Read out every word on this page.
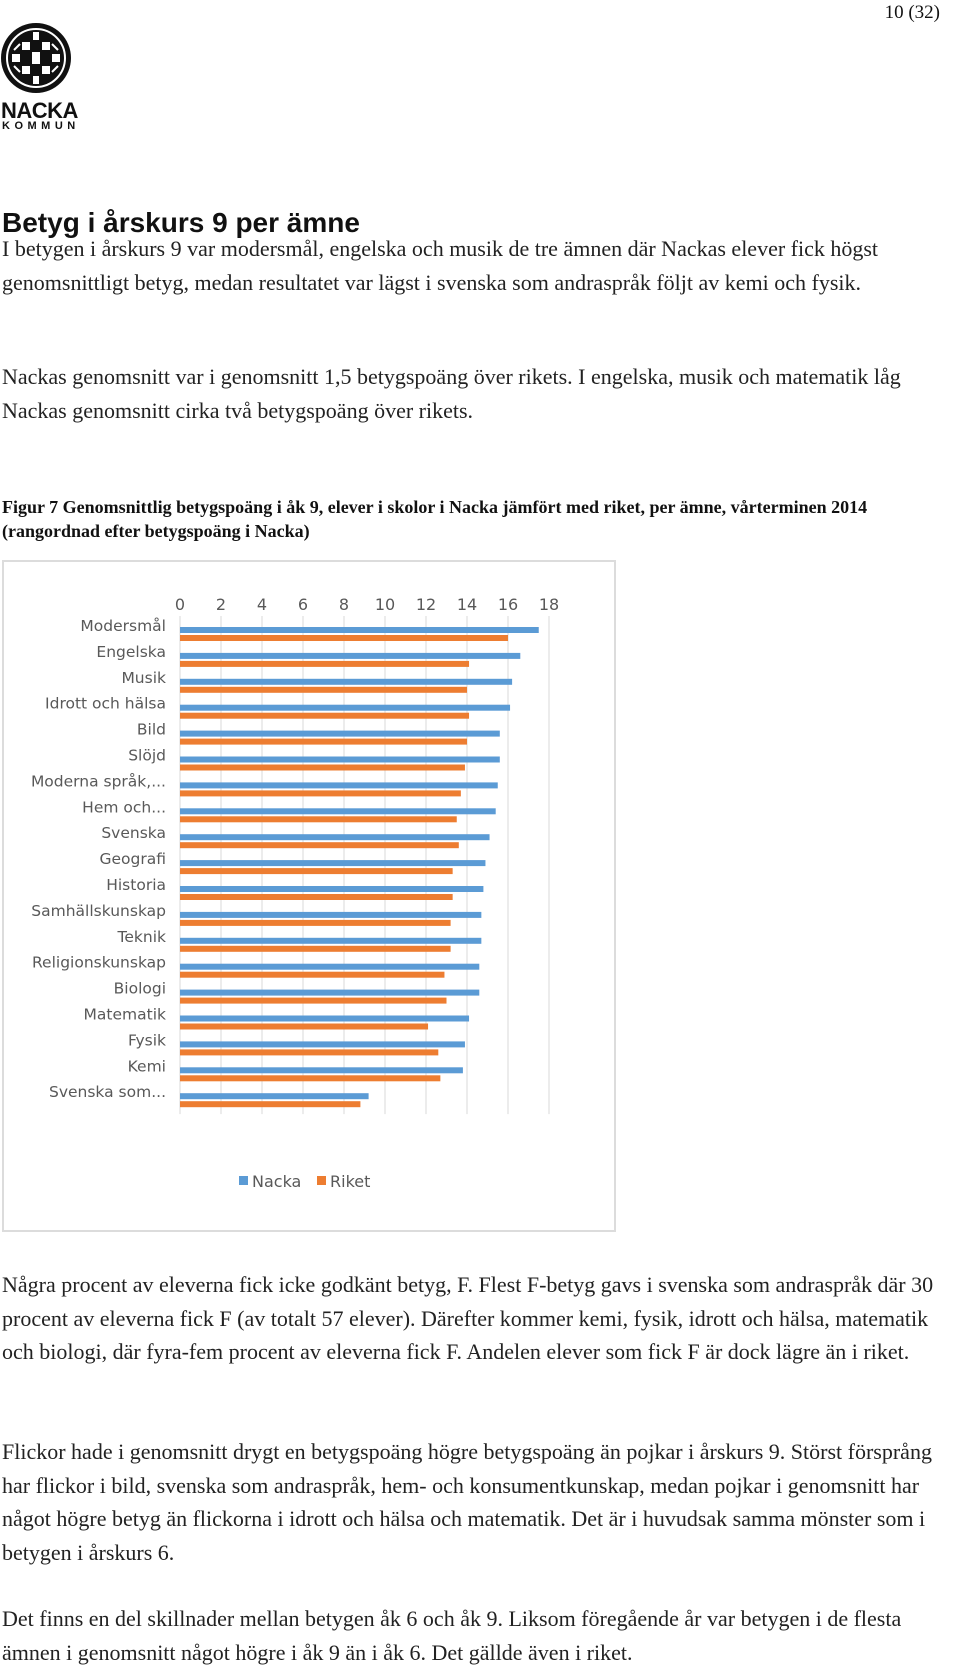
10 (32)
NACKA
KOMMUN
Betyg i årskurs 9 per ämne

I betygen i årskurs 9 var modersmål, engelska och musik de tre ämnen där Nackas elever fick högst genomsnittligt betyg, medan resultatet var lägst i svenska som andraspråk följt av kemi och fysik.

Nackas genomsnitt var i genomsnitt 1,5 betygspoäng över rikets. I engelska, musik och matematik låg Nackas genomsnitt cirka två betygspoäng över rikets.

Figur 7 Genomsnittlig betygspoäng i åk 9, elever i skolor i Nacka jämfört med riket, per ämne, vårterminen 2014 (rangordnad efter betygspoäng i Nacka)

0 2 4 6 8 10 12 14 16 18
Modersmål
Engelska
Musik
Idrott och hälsa
Bild
Slöjd
Moderna språk,...
Hem och...
Svenska
Geografi
Historia
Samhällskunskap
Teknik
Religionskunskap
Biologi
Matematik
Fysik
Kemi
Svenska som...
Nacka Riket

Några procent av eleverna fick icke godkänt betyg, F. Flest F-betyg gavs i svenska som andraspråk där 30 procent av eleverna fick F (av totalt 57 elever). Därefter kommer kemi, fysik, idrott och hälsa, matematik och biologi, där fyra-fem procent av eleverna fick F. Andelen elever som fick F är dock lägre än i riket.

Flickor hade i genomsnitt drygt en betygspoäng högre betygspoäng än pojkar i årskurs 9. Störst försprång har flickor i bild, svenska som andraspråk, hem- och konsumentkunskap, medan pojkar i genomsnitt har något högre betyg än flickorna i idrott och hälsa och matematik. Det är i huvudsak samma mönster som i betygen i årskurs 6.

Det finns en del skillnader mellan betygen åk 6 och åk 9. Liksom föregående år var betygen i de flesta ämnen i genomsnitt något högre i åk 9 än i åk 6. Det gällde även i riket.
